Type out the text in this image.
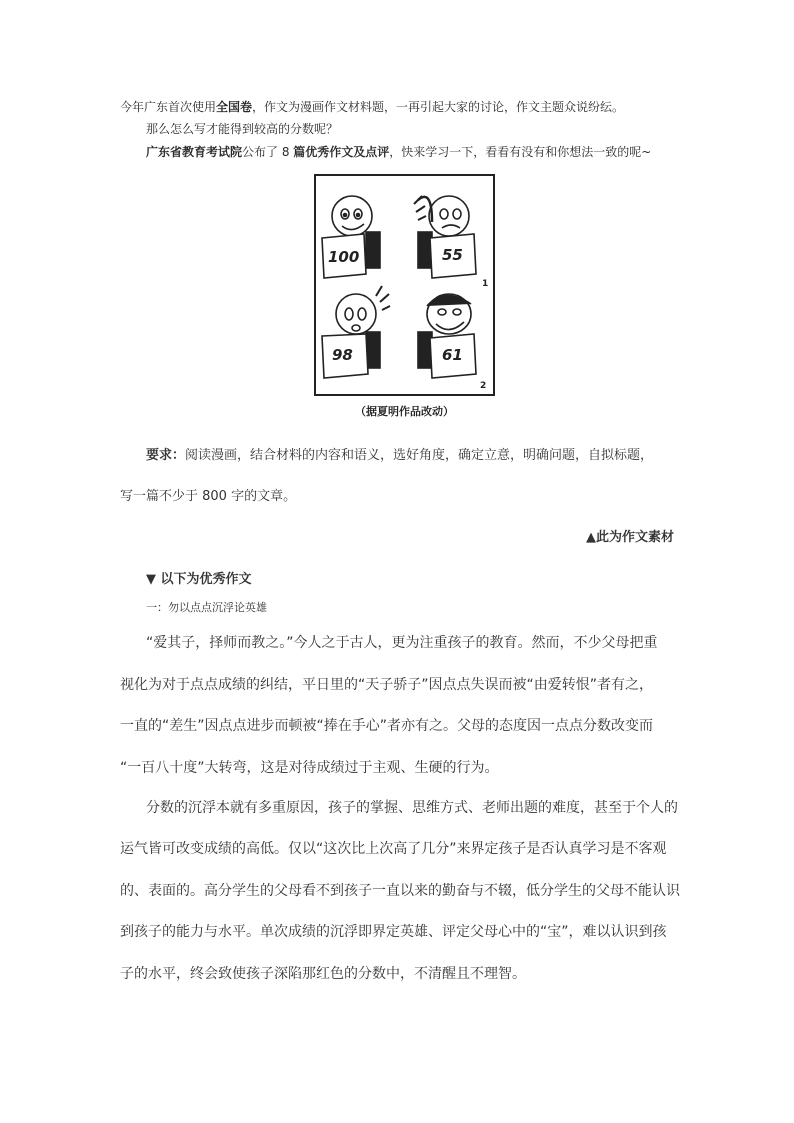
今年广东首次使用全国卷，作文为漫画作文材料题，一再引起大家的讨论，作文主题众说纷纭。
那么怎么写才能得到较高的分数呢？
广东省教育考试院公布了 8 篇优秀作文及点评，快来学习一下，看看有没有和你想法一致的呢~
100	55
98	61
1
2
（据夏明作品改动）
要求：阅读漫画，结合材料的内容和语义，选好角度，确定立意，明确问题，自拟标题，
写一篇不少于 800 字的文章。
▲此为作文素材
▼ 以下为优秀作文
一：勿以点点沉浮论英雄
“爱其子，择师而教之。”今人之于古人，更为注重孩子的教育。然而，不少父母把重
视化为对于点点成绩的纠结，平日里的“天子骄子”因点点失误而被“由爱转恨”者有之，
一直的“差生”因点点进步而顿被“捧在手心”者亦有之。父母的态度因一点点分数改变而
“一百八十度”大转弯，这是对待成绩过于主观、生硬的行为。
分数的沉浮本就有多重原因，孩子的掌握、思维方式、老师出题的难度，甚至于个人的
运气皆可改变成绩的高低。仅以“这次比上次高了几分”来界定孩子是否认真学习是不客观
的、表面的。高分学生的父母看不到孩子一直以来的勤奋与不辍，低分学生的父母不能认识
到孩子的能力与水平。单次成绩的沉浮即界定英雄、评定父母心中的“宝”，难以认识到孩
子的水平，终会致使孩子深陷那红色的分数中，不清醒且不理智。
